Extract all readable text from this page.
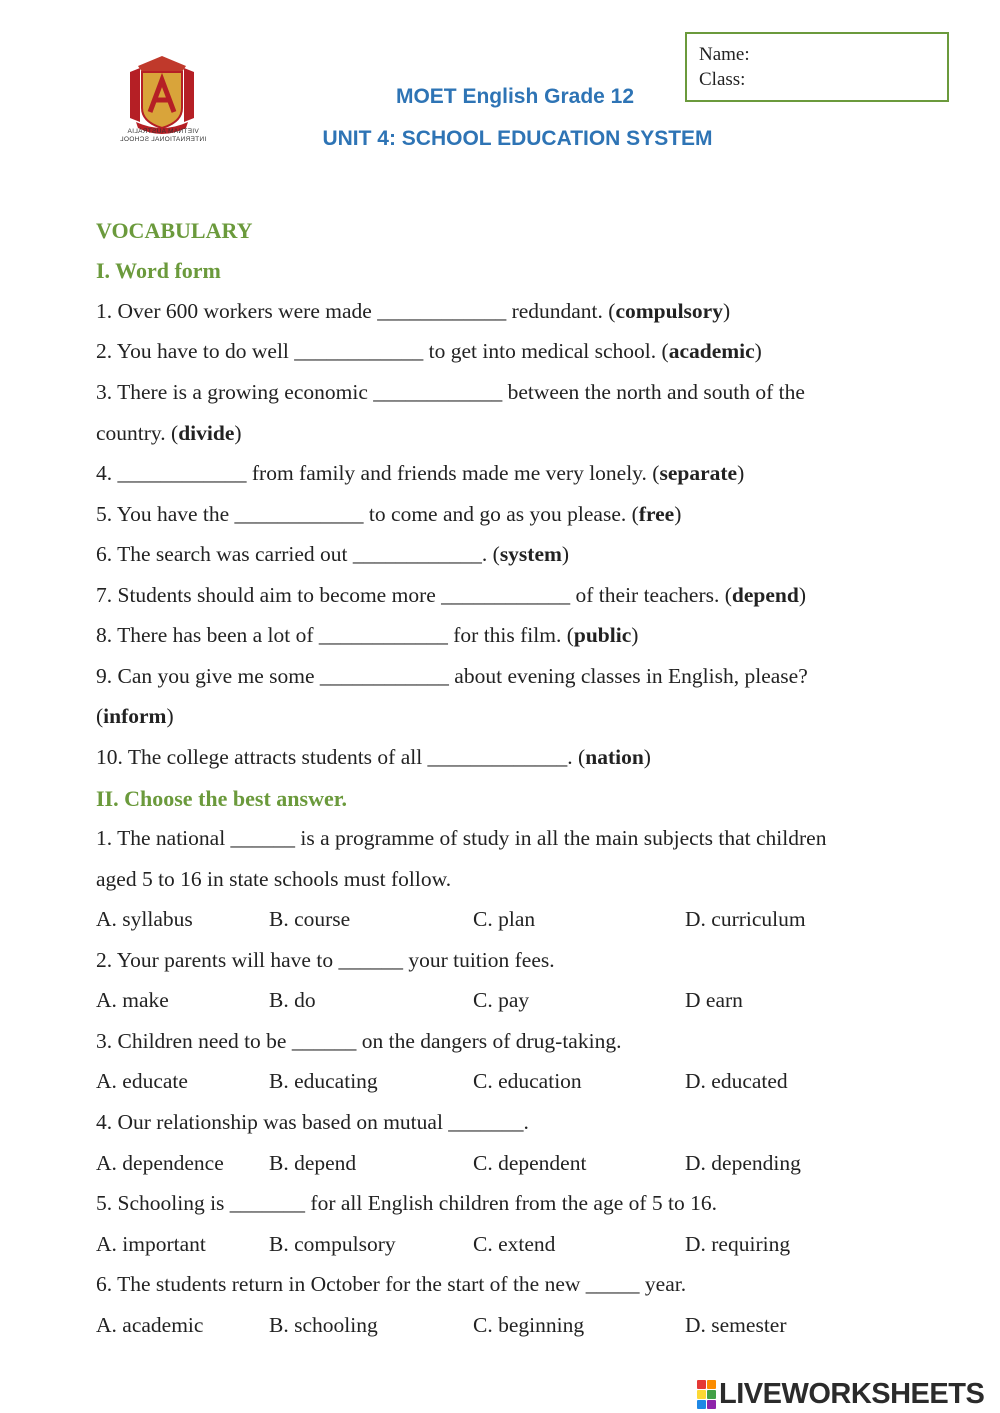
VIETNAM AUSTRALIA INTERNATIONAL SCHOOL
Name:
Class:
MOET English Grade 12
UNIT 4: SCHOOL EDUCATION SYSTEM
VOCABULARY
I. Word form
1. Over 600 workers were made ____________ redundant. (compulsory)
2. You have to do well ____________ to get into medical school. (academic)
3. There is a growing economic ____________ between the north and south of the
country. (divide)
4. ____________ from family and friends made me very lonely. (separate)
5. You have the ____________ to come and go as you please. (free)
6. The search was carried out ____________. (system)
7. Students should aim to become more ____________ of their teachers. (depend)
8. There has been a lot of ____________ for this film. (public)
9. Can you give me some ____________ about evening classes in English, please?
(inform)
10. The college attracts students of all _____________. (nation)
II. Choose the best answer.
1. The national ______ is a programme of study in all the main subjects that children
aged 5 to 16 in state schools must follow.
A. syllabus	B. course	C. plan	D. curriculum
2. Your parents will have to ______ your tuition fees.
A. make	B. do	C. pay	D earn
3. Children need to be ______ on the dangers of drug-taking.
A. educate	B. educating	C. education	D. educated
4. Our relationship was based on mutual _______.
A. dependence B. depend	C. dependent	D. depending
5. Schooling is _______ for all English children from the age of 5 to 16.
A. important	B. compulsory	C. extend	D. requiring
6. The students return in October for the start of the new _____ year.
A. academic	B. schooling	C. beginning	D. semester
LIVEWORKSHEETS
